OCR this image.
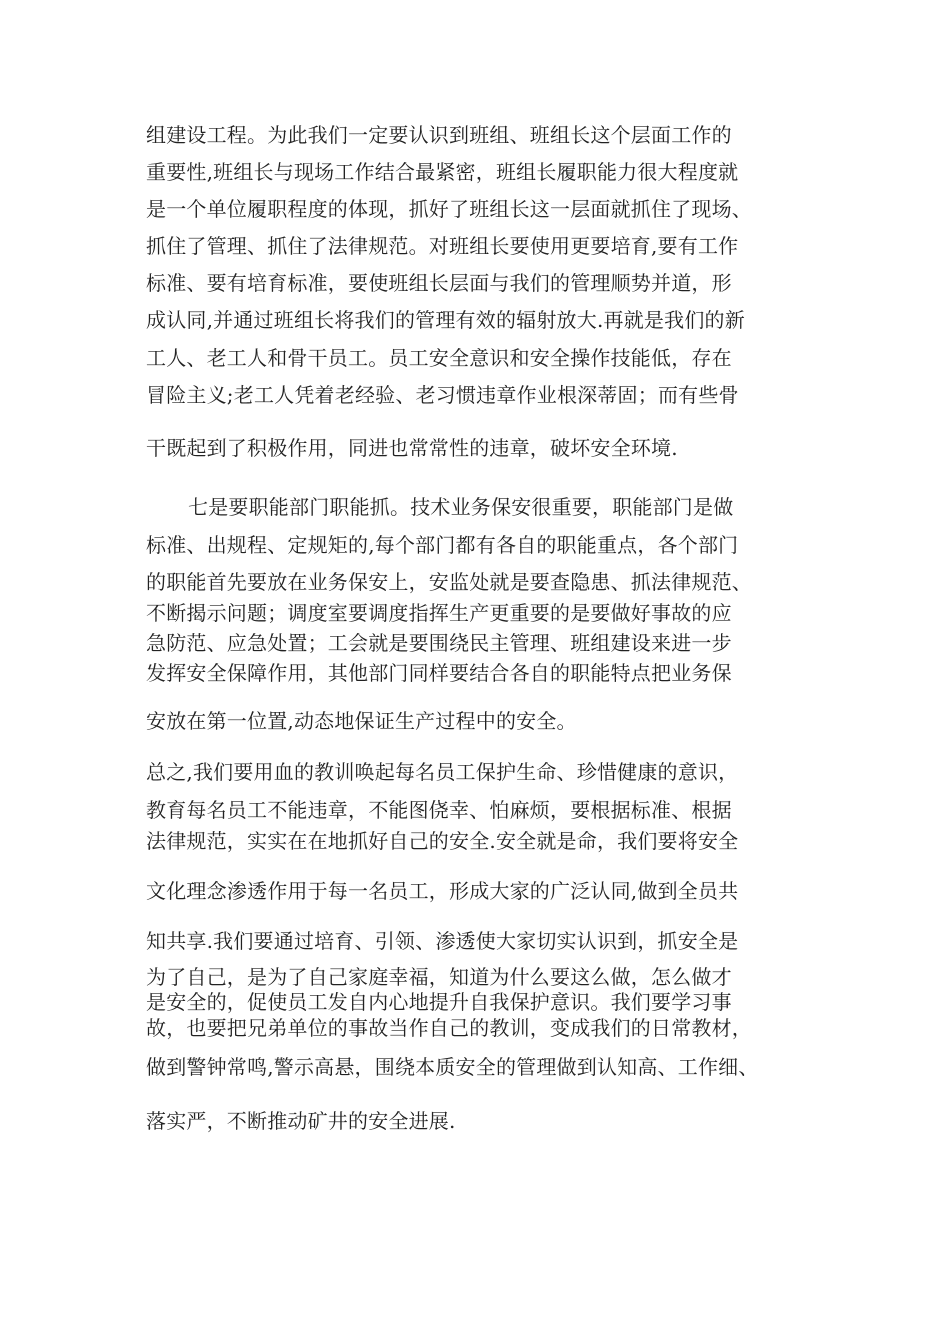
组建设工程。为此我们一定要认识到班组、班组长这个层面工作的

重要性,班组长与现场工作结合最紧密，班组长履职能力很大程度就

是一个单位履职程度的体现，抓好了班组长这一层面就抓住了现场、

抓住了管理、抓住了法律规范。对班组长要使用更要培育,要有工作

标准、要有培育标准，要使班组长层面与我们的管理顺势并道，形

成认同,并通过班组长将我们的管理有效的辐射放大.再就是我们的新

工人、老工人和骨干员工。员工安全意识和安全操作技能低，存在

冒险主义;老工人凭着老经验、老习惯违章作业根深蒂固；而有些骨

干既起到了积极作用，同进也常常性的违章，破坏安全环境.

七是要职能部门职能抓。技术业务保安很重要，职能部门是做

标准、出规程、定规矩的,每个部门都有各自的职能重点，各个部门

的职能首先要放在业务保安上，安监处就是要查隐患、抓法律规范、

不断揭示问题；调度室要调度指挥生产更重要的是要做好事故的应

急防范、应急处置；工会就是要围绕民主管理、班组建设来进一步

发挥安全保障作用，其他部门同样要结合各自的职能特点把业务保

安放在第一位置,动态地保证生产过程中的安全。

总之,我们要用血的教训唤起每名员工保护生命、珍惜健康的意识，

教育每名员工不能违章，不能图侥幸、怕麻烦，要根据标准、根据

法律规范，实实在在地抓好自己的安全.安全就是命，我们要将安全

文化理念渗透作用于每一名员工，形成大家的广泛认同,做到全员共

知共享.我们要通过培育、引领、渗透使大家切实认识到，抓安全是

为了自己，是为了自己家庭幸福，知道为什么要这么做，怎么做才

是安全的，促使员工发自内心地提升自我保护意识。我们要学习事

故，也要把兄弟单位的事故当作自己的教训，变成我们的日常教材，

做到警钟常鸣,警示高悬，围绕本质安全的管理做到认知高、工作细、

落实严，不断推动矿井的安全进展.
